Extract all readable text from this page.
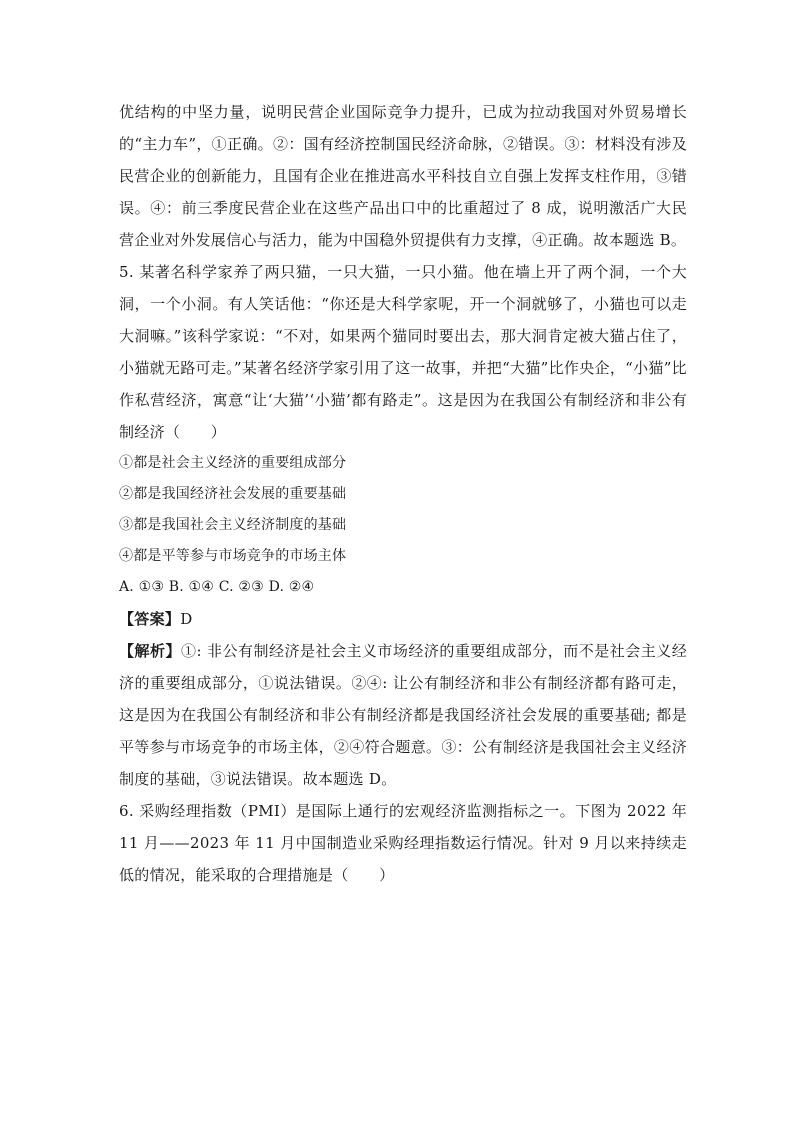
优结构的中坚力量，说明民营企业国际竞争力提升，已成为拉动我国对外贸易增长的“主力车”，①正确。②：国有经济控制国民经济命脉，②错误。③：材料没有涉及民营企业的创新能力，且国有企业在推进高水平科技自立自强上发挥支柱作用，③错误。④：前三季度民营企业在这些产品出口中的比重超过了 8 成，说明激活广大民营企业对外发展信心与活力，能为中国稳外贸提供有力支撑，④正确。故本题选 B。

5. 某著名科学家养了两只猫，一只大猫，一只小猫。他在墙上开了两个洞，一个大洞，一个小洞。有人笑话他：“你还是大科学家呢，开一个洞就够了，小猫也可以走大洞嘛。”该科学家说：“不对，如果两个猫同时要出去，那大洞肯定被大猫占住了，小猫就无路可走。”某著名经济学家引用了这一故事，并把“大猫”比作央企，“小猫”比作私营经济，寓意“让‘大猫’‘小猫’都有路走”。这是因为在我国公有制经济和非公有制经济（　　）

①都是社会主义经济的重要组成部分

②都是我国经济社会发展的重要基础

③都是我国社会主义经济制度的基础

④都是平等参与市场竞争的市场主体

A. ①③ B. ①④ C. ②③ D. ②④

【答案】D

【解析】①: 非公有制经济是社会主义市场经济的重要组成部分，而不是社会主义经济的重要组成部分，①说法错误。②④: 让公有制经济和非公有制经济都有路可走，这是因为在我国公有制经济和非公有制经济都是我国经济社会发展的重要基础; 都是平等参与市场竞争的市场主体，②④符合题意。③：公有制经济是我国社会主义经济制度的基础，③说法错误。故本题选 D。

6. 采购经理指数（PMI）是国际上通行的宏观经济监测指标之一。下图为 2022 年 11 月——2023 年 11 月中国制造业采购经理指数运行情况。针对 9 月以来持续走低的情况，能采取的合理措施是（　　）
